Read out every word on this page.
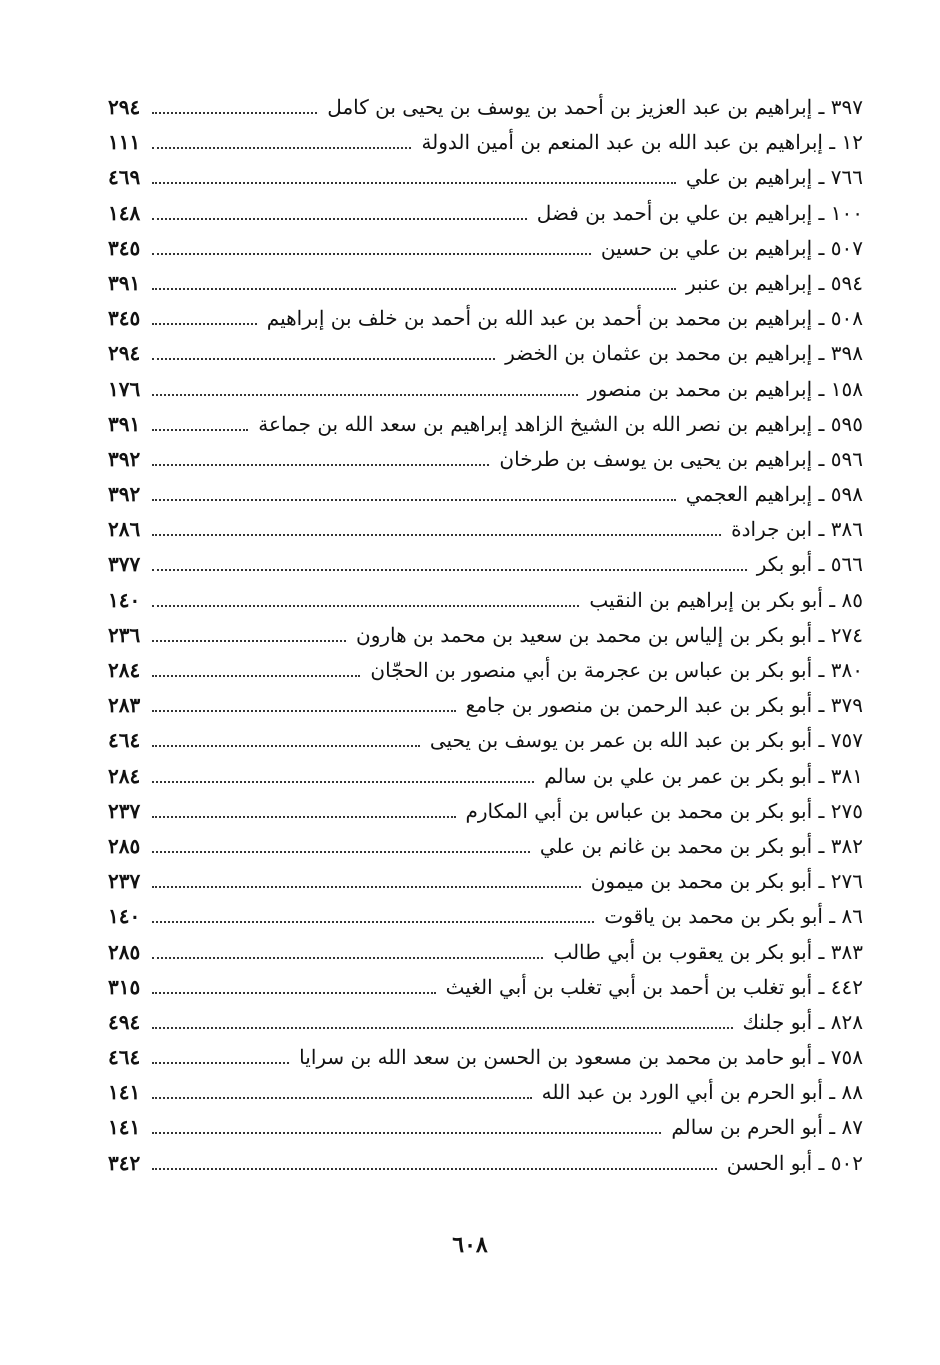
٣٩٧ ـ إبراهيم بن عبد العزيز بن أحمد بن يوسف بن يحيى بن كامل
٢٩٤
١٢ ـ إبراهيم بن عبد الله بن عبد المنعم بن أمين الدولة
١١١
٧٦٦ ـ إبراهيم بن علي
٤٦٩
١٠٠ ـ إبراهيم بن علي بن أحمد بن فضل
١٤٨
٥٠٧ ـ إبراهيم بن علي بن حسين
٣٤٥
٥٩٤ ـ إبراهيم بن عنبر
٣٩١
٥٠٨ ـ إبراهيم بن محمد بن أحمد بن عبد الله بن أحمد بن خلف بن إبراهيم
٣٤٥
٣٩٨ ـ إبراهيم بن محمد بن عثمان بن الخضر
٢٩٤
١٥٨ ـ إبراهيم بن محمد بن منصور
١٧٦
٥٩٥ ـ إبراهيم بن نصر الله بن الشيخ الزاهد إبراهيم بن سعد الله بن جماعة
٣٩١
٥٩٦ ـ إبراهيم بن يحيى بن يوسف بن طرخان
٣٩٢
٥٩٨ ـ إبراهيم العجمي
٣٩٢
٣٨٦ ـ ابن جرادة
٢٨٦
٥٦٦ ـ أبو بكر
٣٧٧
٨٥ ـ أبو بكر بن إبراهيم بن النقيب
١٤٠
٢٧٤ ـ أبو بكر بن إلياس بن محمد بن سعيد بن محمد بن هارون
٢٣٦
٣٨٠ ـ أبو بكر بن عباس بن عجرمة بن أبي منصور بن الحجّان
٢٨٤
٣٧٩ ـ أبو بكر بن عبد الرحمن بن منصور بن جامع
٢٨٣
٧٥٧ ـ أبو بكر بن عبد الله بن عمر بن يوسف بن يحيى
٤٦٤
٣٨١ ـ أبو بكر بن عمر بن علي بن سالم
٢٨٤
٢٧٥ ـ أبو بكر بن محمد بن عباس بن أبي المكارم
٢٣٧
٣٨٢ ـ أبو بكر بن محمد بن غانم بن علي
٢٨٥
٢٧٦ ـ أبو بكر بن محمد بن ميمون
٢٣٧
٨٦ ـ أبو بكر بن محمد بن ياقوت
١٤٠
٣٨٣ ـ أبو بكر بن يعقوب بن أبي طالب
٢٨٥
٤٤٢ ـ أبو تغلب بن أحمد بن أبي تغلب بن أبي الغيث
٣١٥
٨٢٨ ـ أبو جلنك
٤٩٤
٧٥٨ ـ أبو حامد بن محمد بن مسعود بن الحسن بن سعد الله بن سرايا
٤٦٤
٨٨ ـ أبو الحرم بن أبي الورد بن عبد الله
١٤١
٨٧ ـ أبو الحرم بن سالم
١٤١
٥٠٢ ـ أبو الحسن
٣٤٢
٦٠٨
